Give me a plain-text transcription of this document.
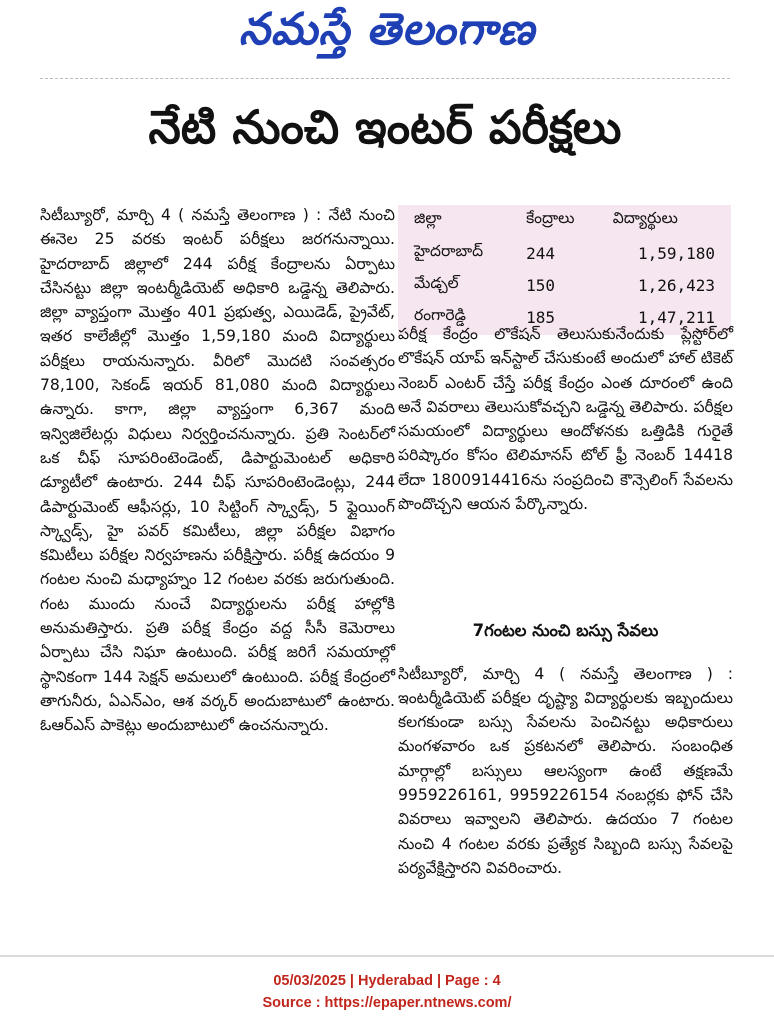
నమస్తే తెలంగాణ
నేటి నుంచి ఇంటర్ పరీక్షలు

సిటీబ్యూరో, మార్చి 4 ( నమస్తే తెలంగాణ ) : నేటి నుంచి ఈనెల 25 వరకు ఇంటర్ పరీక్షలు జరగనున్నాయి. హైదరాబాద్ జిల్లాలో 244 పరీక్ష కేంద్రాలను ఏర్పాటు చేసినట్టు జిల్లా ఇంటర్మీడియెట్ అధికారి ఒడ్డెన్న తెలిపారు. జిల్లా వ్యాప్తంగా మొత్తం 401 ప్రభుత్వ, ఎయిడెడ్, ప్రైవేట్, ఇతర కాలేజీల్లో మొత్తం 1,59,180 మంది విద్యార్థులు పరీక్షలు రాయనున్నారు. వీరిలో మొదటి సంవత్సరం 78,100, సెకండ్ ఇయర్ 81,080 మంది విద్యార్థులు ఉన్నారు. కాగా, జిల్లా వ్యాప్తంగా 6,367 మంది ఇన్విజిలేటర్లు విధులు నిర్వర్తించనున్నారు. ప్రతి సెంటర్‌లో ఒక చీఫ్ సూపరింటెండెంట్, డిపార్టుమెంటల్ అధికారి డ్యూటీలో ఉంటారు. 244 చీఫ్ సూపరింటెండెంట్లు, 244 డిపార్టుమెంట్ ఆఫీసర్లు, 10 సిట్టింగ్ స్క్వాడ్స్, 5 ఫ్లైయింగ్ స్క్వాడ్స్, హై పవర్ కమిటీలు, జిల్లా పరీక్షల విభాగం కమిటీలు పరీక్షల నిర్వహణను పరీక్షిస్తారు. పరీక్ష ఉదయం 9 గంటల నుంచి మధ్యాహ్నం 12 గంటల వరకు జరుగుతుంది. గంట ముందు నుంచే విద్యార్థులను పరీక్ష హాల్లోకి అనుమతిస్తారు. ప్రతి పరీక్ష కేంద్రం వద్ద సీసీ కెమెరాలు ఏర్పాటు చేసి నిఘా ఉంటుంది. పరీక్ష జరిగే సమయాల్లో స్థానికంగా 144 సెక్షన్ అమలులో ఉంటుంది. పరీక్ష కేంద్రంలో తాగునీరు, ఏఎన్ఎం, ఆశ వర్కర్ అందుబాటులో ఉంటారు. ఓఆర్ఎస్ పాకెట్లు అందుబాటులో ఉంచనున్నారు.

జిల్లా	కేంద్రాలు	విద్యార్థులు
హైదరాబాద్	244	1,59,180
మేడ్చల్	150	1,26,423
రంగారెడ్డి	185	1,47,211

పరీక్ష కేంద్రం లొకేషన్ తెలుసుకునేందుకు ప్లేస్టోర్‌లో లొకేషన్ యాప్ ఇన్‌స్టాల్ చేసుకుంటే అందులో హాల్ టికెట్ నెంబర్ ఎంటర్ చేస్తే పరీక్ష కేంద్రం ఎంత దూరంలో ఉంది అనే వివరాలు తెలుసుకోవచ్చని ఒడ్డెన్న తెలిపారు. పరీక్షల సమయంలో విద్యార్థులు ఆందోళనకు ఒత్తిడికి గురైతే పరిష్కారం కోసం టెలిమానస్ టోల్ ఫ్రీ నెంబర్ 14418 లేదా 1800914416ను సంప్రదించి కౌన్సెలింగ్ సేవలను పొందొచ్చని ఆయన పేర్కొన్నారు.

7గంటల నుంచి బస్సు సేవలు

సిటీబ్యూరో, మార్చి 4 ( నమస్తే తెలంగాణ ) : ఇంటర్మీడియెట్ పరీక్షల దృష్ట్యా విద్యార్థులకు ఇబ్బందులు కలగకుండా బస్సు సేవలను పెంచినట్టు అధికారులు మంగళవారం ఒక ప్రకటనలో తెలిపారు. సంబంధిత మార్గాల్లో బస్సులు ఆలస్యంగా ఉంటే తక్షణమే 9959226161, 9959226154 నంబర్లకు ఫోన్ చేసి వివరాలు ఇవ్వాలని తెలిపారు. ఉదయం 7 గంటల నుంచి 4 గంటల వరకు ప్రత్యేక సిబ్బంది బస్సు సేవలపై పర్యవేక్షిస్తారని వివరించారు.

05/03/2025 | Hyderabad | Page : 4
Source : https://epaper.ntnews.com/
